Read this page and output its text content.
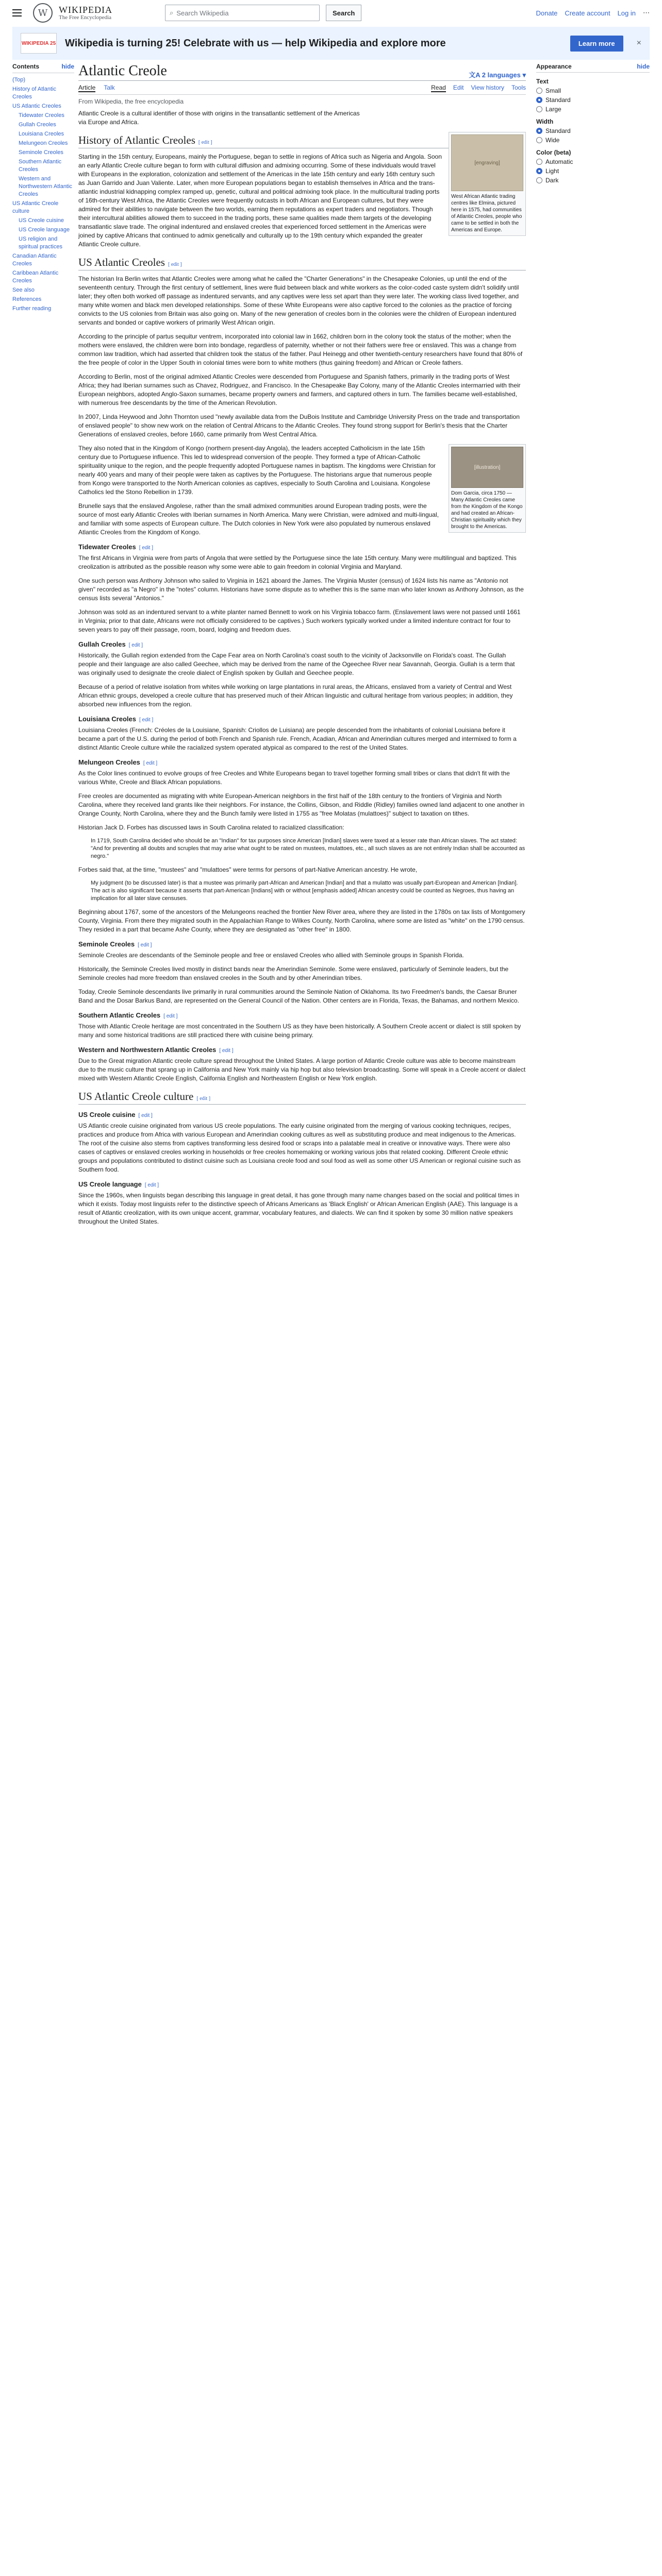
W	WIKIPEDIA
The Free Encyclopedia
⌕ Search Wikipedia	Search	Donate Create account Log in ⋯
WIKIPEDIA 25 Wikipedia is turning 25! Celebrate with us — help Wikipedia and explore more	Learn more	×
Contents	hide
(Top)
History of Atlantic Creoles
US Atlantic Creoles
Tidewater Creoles
Gullah Creoles
Louisiana Creoles
Melungeon Creoles
Seminole Creoles
Southern Atlantic Creoles
Western and Northwestern Atlantic Creoles
US Atlantic Creole culture
US Creole cuisine
US Creole language
US religion and spiritual practices
Canadian Atlantic Creoles
Caribbean Atlantic Creoles
See also
References
Further reading
Atlantic Creole	文A 2 languages ▾
Article Talk	Read Edit View history Tools
From Wikipedia, the free encyclopedia

Atlantic Creole is a cultural identifier of those with origins in the transatlantic settlement of the Americas via Europe and Africa.

[engraving]
West African Atlantic trading centres like Elmina, pictured here in 1575, had communities of Atlantic Creoles, people who came to be settled in both the Americas and Europe.
History of Atlantic Creoles [ edit ]

Starting in the 15th century, Europeans, mainly the Portuguese, began to settle in regions of Africa such as Nigeria and Angola. Soon an early Atlantic Creole culture began to form with cultural diffusion and admixing occurring. Some of these individuals would travel with Europeans in the exploration, colonization and settlement of the Americas in the late 15th century and early 16th century such as Juan Garrido and Juan Valiente. Later, when more European populations began to establish themselves in Africa and the trans-atlantic industrial kidnapping complex ramped up, genetic, cultural and political admixing took place. In the multicultural trading ports of 16th-century West Africa, the Atlantic Creoles were frequently outcasts in both African and European cultures, but they were admired for their abilities to navigate between the two worlds, earning them reputations as expert traders and negotiators. Though their intercultural abilities allowed them to succeed in the trading ports, these same qualities made them targets of the developing transatlantic slave trade. The original indentured and enslaved creoles that experienced forced settlement in the Americas were joined by captive Africans that continued to admix genetically and culturally up to the 19th century which expanded the greater Atlantic Creole culture.

US Atlantic Creoles [ edit ]

The historian Ira Berlin writes that Atlantic Creoles were among what he called the "Charter Generations" in the Chesapeake Colonies, up until the end of the seventeenth century. Through the first century of settlement, lines were fluid between black and white workers as the color-coded caste system didn't solidify until later; they often both worked off passage as indentured servants, and any captives were less set apart than they were later. The working class lived together, and many white women and black men developed relationships. Some of these White Europeans were also captive forced to the colonies as the practice of forcing convicts to the US colonies from Britain was also going on. Many of the new generation of creoles born in the colonies were the children of European indentured servants and bonded or captive workers of primarily West African origin.

According to the principle of partus sequitur ventrem, incorporated into colonial law in 1662, children born in the colony took the status of the mother; when the mothers were enslaved, the children were born into bondage, regardless of paternity, whether or not their fathers were free or enslaved. This was a change from common law tradition, which had asserted that children took the status of the father. Paul Heinegg and other twentieth-century researchers have found that 80% of the free people of color in the Upper South in colonial times were born to white mothers (thus gaining freedom) and African or Creole fathers.

According to Berlin, most of the original admixed Atlantic Creoles were descended from Portuguese and Spanish fathers, primarily in the trading ports of West Africa; they had Iberian surnames such as Chavez, Rodriguez, and Francisco. In the Chesapeake Bay Colony, many of the Atlantic Creoles intermarried with their European neighbors, adopted Anglo-Saxon surnames, became property owners and farmers, and captured others in turn. The families became well-established, with numerous free descendants by the time of the American Revolution.

In 2007, Linda Heywood and John Thornton used "newly available data from the DuBois Institute and Cambridge University Press on the trade and transportation of enslaved people" to show new work on the relation of Central Africans to the Atlantic Creoles. They found strong support for Berlin's thesis that the Charter Generations of enslaved creoles, before 1660, came primarily from West Central Africa.

[illustration]
Dom Garcia, circa 1750 — Many Atlantic Creoles came from the Kingdom of the Kongo and had created an African-Christian spirituality which they brought to the Americas.

They also noted that in the Kingdom of Kongo (northern present-day Angola), the leaders accepted Catholicism in the late 15th century due to Portuguese influence. This led to widespread conversion of the people. They formed a type of African-Catholic spirituality unique to the region, and the people frequently adopted Portuguese names in baptism. The kingdoms were Christian for nearly 400 years and many of their people were taken as captives by the Portuguese. The historians argue that numerous people from Kongo were transported to the North American colonies as captives, especially to South Carolina and Louisiana. Kongolese Catholics led the Stono Rebellion in 1739.

Brunelle says that the enslaved Angolese, rather than the small admixed communities around European trading posts, were the source of most early Atlantic Creoles with Iberian surnames in North America. Many were Christian, were admixed and multi-lingual, and familiar with some aspects of European culture. The Dutch colonies in New York were also populated by numerous enslaved Atlantic Creoles from the Kingdom of Kongo.

Tidewater Creoles [ edit ]

The first Africans in Virginia were from parts of Angola that were settled by the Portuguese since the late 15th century. Many were multilingual and baptized. This creolization is attributed as the possible reason why some were able to gain freedom in colonial Virginia and Maryland.

One such person was Anthony Johnson who sailed to Virginia in 1621 aboard the James. The Virginia Muster (census) of 1624 lists his name as "Antonio not given" recorded as "a Negro" in the "notes" column. Historians have some dispute as to whether this is the same man who later known as Anthony Johnson, as the census lists several "Antonios."

Johnson was sold as an indentured servant to a white planter named Bennett to work on his Virginia tobacco farm. (Enslavement laws were not passed until 1661 in Virginia; prior to that date, Africans were not officially considered to be captives.) Such workers typically worked under a limited indenture contract for four to seven years to pay off their passage, room, board, lodging and freedom dues.

Gullah Creoles [ edit ]

Historically, the Gullah region extended from the Cape Fear area on North Carolina's coast south to the vicinity of Jacksonville on Florida's coast. The Gullah people and their language are also called Geechee, which may be derived from the name of the Ogeechee River near Savannah, Georgia. Gullah is a term that was originally used to designate the creole dialect of English spoken by Gullah and Geechee people.

Because of a period of relative isolation from whites while working on large plantations in rural areas, the Africans, enslaved from a variety of Central and West African ethnic groups, developed a creole culture that has preserved much of their African linguistic and cultural heritage from various peoples; in addition, they absorbed new influences from the region.

Louisiana Creoles [ edit ]

Louisiana Creoles (French: Créoles de la Louisiane, Spanish: Criollos de Luisiana) are people descended from the inhabitants of colonial Louisiana before it became a part of the U.S. during the period of both French and Spanish rule. French, Acadian, African and Amerindian cultures merged and intermixed to form a distinct Atlantic Creole culture while the racialized system operated atypical as compared to the rest of the United States.

Melungeon Creoles [ edit ]

As the Color lines continued to evolve groups of free Creoles and White Europeans began to travel together forming small tribes or clans that didn't fit with the various White, Creole and Black African populations.

Free creoles are documented as migrating with white European-American neighbors in the first half of the 18th century to the frontiers of Virginia and North Carolina, where they received land grants like their neighbors. For instance, the Collins, Gibson, and Riddle (Ridley) families owned land adjacent to one another in Orange County, North Carolina, where they and the Bunch family were listed in 1755 as "free Molatas (mulattoes)" subject to taxation on tithes.

Historian Jack D. Forbes has discussed laws in South Carolina related to racialized classification:

In 1719, South Carolina decided who should be an "Indian" for tax purposes since American [Indian] slaves were taxed at a lesser rate than African slaves. The act stated: "And for preventing all doubts and scruples that may arise what ought to be rated on mustees, mulattoes, etc., all such slaves as are not entirely Indian shall be accounted as negro."

Forbes said that, at the time, "mustees" and "mulattoes" were terms for persons of part-Native American ancestry. He wrote,

My judgment (to be discussed later) is that a mustee was primarily part-African and American [Indian] and that a mulatto was usually part-European and American [Indian]. The act is also significant because it asserts that part-American [Indians] with or without [emphasis added] African ancestry could be counted as Negroes, thus having an implication for all later slave censuses.

Beginning about 1767, some of the ancestors of the Melungeons reached the frontier New River area, where they are listed in the 1780s on tax lists of Montgomery County, Virginia. From there they migrated south in the Appalachian Range to Wilkes County, North Carolina, where some are listed as "white" on the 1790 census. They resided in a part that became Ashe County, where they are designated as "other free" in 1800.

Seminole Creoles [ edit ]

Seminole Creoles are descendants of the Seminole people and free or enslaved Creoles who allied with Seminole groups in Spanish Florida.

Historically, the Seminole Creoles lived mostly in distinct bands near the Amerindian Seminole. Some were enslaved, particularly of Seminole leaders, but the Seminole creoles had more freedom than enslaved creoles in the South and by other Amerindian tribes.

Today, Creole Seminole descendants live primarily in rural communities around the Seminole Nation of Oklahoma. Its two Freedmen's bands, the Caesar Bruner Band and the Dosar Barkus Band, are represented on the General Council of the Nation. Other centers are in Florida, Texas, the Bahamas, and northern Mexico.

Southern Atlantic Creoles [ edit ]

Those with Atlantic Creole heritage are most concentrated in the Southern US as they have been historically. A Southern Creole accent or dialect is still spoken by many and some historical traditions are still practiced there with cuisine being primary.

Western and Northwestern Atlantic Creoles [ edit ]

Due to the Great migration Atlantic creole culture spread throughout the United States. A large portion of Atlantic Creole culture was able to become mainstream due to the music culture that sprang up in California and New York mainly via hip hop but also television broadcasting. Some will speak in a Creole accent or dialect mixed with Western Atlantic Creole English, California English and Northeastern English or New York english.

US Atlantic Creole culture [ edit ]
US Creole cuisine [ edit ]

US Atlantic creole cuisine originated from various US creole populations. The early cuisine originated from the merging of various cooking techniques, recipes, practices and produce from Africa with various European and Amerindian cooking cultures as well as substituting produce and meat indigenous to the Americas. The root of the cuisine also stems from captives transforming less desired food or scraps into a palatable meal in creative or innovative ways. There were also cases of captives or enslaved creoles working in households or free creoles homemaking or working various jobs that related cooking. Different Creole ethnic groups and populations contributed to distinct cuisine such as Louisiana creole food and soul food as well as some other US American or regional cuisine such as Southern food.

US Creole language [ edit ]

Since the 1960s, when linguists began describing this language in great detail, it has gone through many name changes based on the social and political times in which it exists. Today most linguists refer to the distinctive speech of Africans Americans as 'Black English' or African American English (AAE). This language is a result of Atlantic creolization, with its own unique accent, grammar, vocabulary features, and dialects. We can find it spoken by some 30 million native speakers throughout the United States.

Appearance	hide
Text
Small
Standard
Large
Width
Standard
Wide
Color (beta)
Automatic
Light
Dark
